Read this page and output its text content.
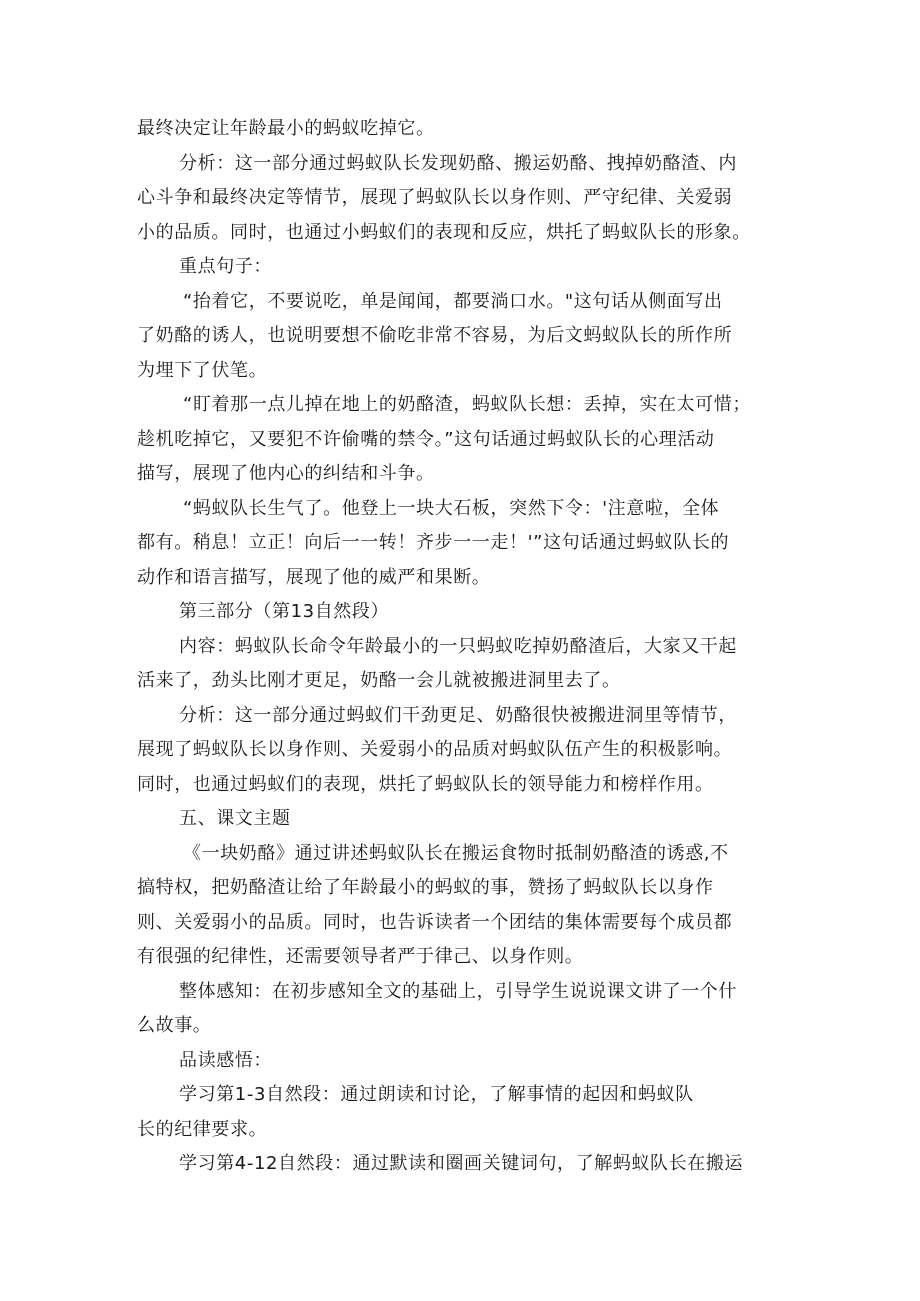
最终决定让年龄最小的蚂蚁吃掉它。
分析：这一部分通过蚂蚁队长发现奶酪、搬运奶酪、拽掉奶酪渣、内
心斗争和最终决定等情节，展现了蚂蚁队长以身作则、严守纪律、关爱弱
小的品质。同时，也通过小蚂蚁们的表现和反应，烘托了蚂蚁队长的形象。
重点句子：
“抬着它，不要说吃，单是闻闻，都要淌口水。"这句话从侧面写出
了奶酪的诱人，也说明要想不偷吃非常不容易，为后文蚂蚁队长的所作所
为埋下了伏笔。
“盯着那一点儿掉在地上的奶酪渣，蚂蚁队长想：丢掉，实在太可惜；
趁机吃掉它，又要犯不许偷嘴的禁令。”这句话通过蚂蚁队长的心理活动
描写，展现了他内心的纠结和斗争。
“蚂蚁队长生气了。他登上一块大石板，突然下令：'注意啦，全体
都有。稍息！立正！向后一一转！齐步一一走！'”这句话通过蚂蚁队长的
动作和语言描写，展现了他的威严和果断。
第三部分（第13自然段）
内容：蚂蚁队长命令年龄最小的一只蚂蚁吃掉奶酪渣后，大家又干起
活来了，劲头比刚才更足，奶酪一会儿就被搬进洞里去了。
分析：这一部分通过蚂蚁们干劲更足、奶酪很快被搬进洞里等情节，
展现了蚂蚁队长以身作则、关爱弱小的品质对蚂蚁队伍产生的积极影响。
同时，也通过蚂蚁们的表现，烘托了蚂蚁队长的领导能力和榜样作用。
五、课文主题
《一块奶酪》通过讲述蚂蚁队长在搬运食物时抵制奶酪渣的诱惑,不
搞特权，把奶酪渣让给了年龄最小的蚂蚁的事，赞扬了蚂蚁队长以身作
则、关爱弱小的品质。同时，也告诉读者一个团结的集体需要每个成员都
有很强的纪律性，还需要领导者严于律己、以身作则。
整体感知：在初步感知全文的基础上，引导学生说说课文讲了一个什
么故事。
品读感悟：
学习第1-3自然段：通过朗读和讨论，了解事情的起因和蚂蚁队
长的纪律要求。
学习第4-12自然段：通过默读和圈画关键词句，了解蚂蚁队长在搬运
